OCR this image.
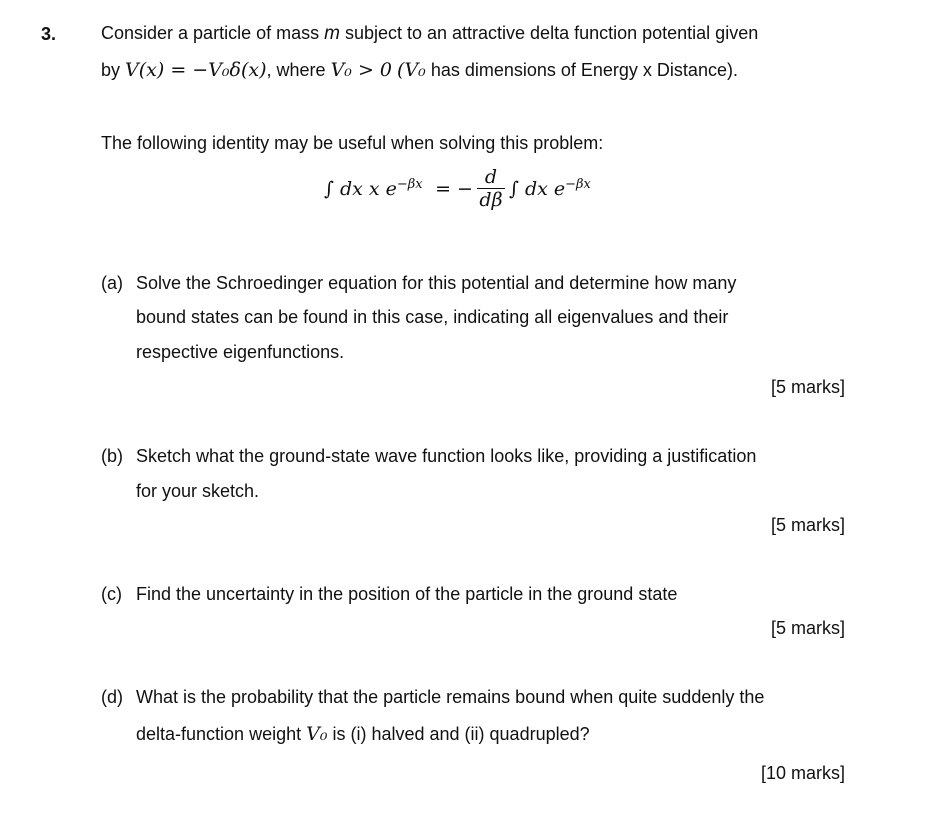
3. Consider a particle of mass m subject to an attractive delta function potential given
by V(x) = −V₀δ(x), where V₀ > 0 (V₀ has dimensions of Energy x Distance).
The following identity may be useful when solving this problem:
∫ dx x $e^{-\beta x}$ = − $\frac{d}{d\beta}$ ∫ dx $e^{-\beta x}$
(a) Solve the Schroedinger equation for this potential and determine how many
bound states can be found in this case, indicating all eigenvalues and their
respective eigenfunctions.
[5 marks]
(b) Sketch what the ground-state wave function looks like, providing a justification
for your sketch.
[5 marks]
(c) Find the uncertainty in the position of the particle in the ground state
[5 marks]
(d) What is the probability that the particle remains bound when quite suddenly the
delta-function weight V₀ is (i) halved and (ii) quadrupled?
[10 marks]
